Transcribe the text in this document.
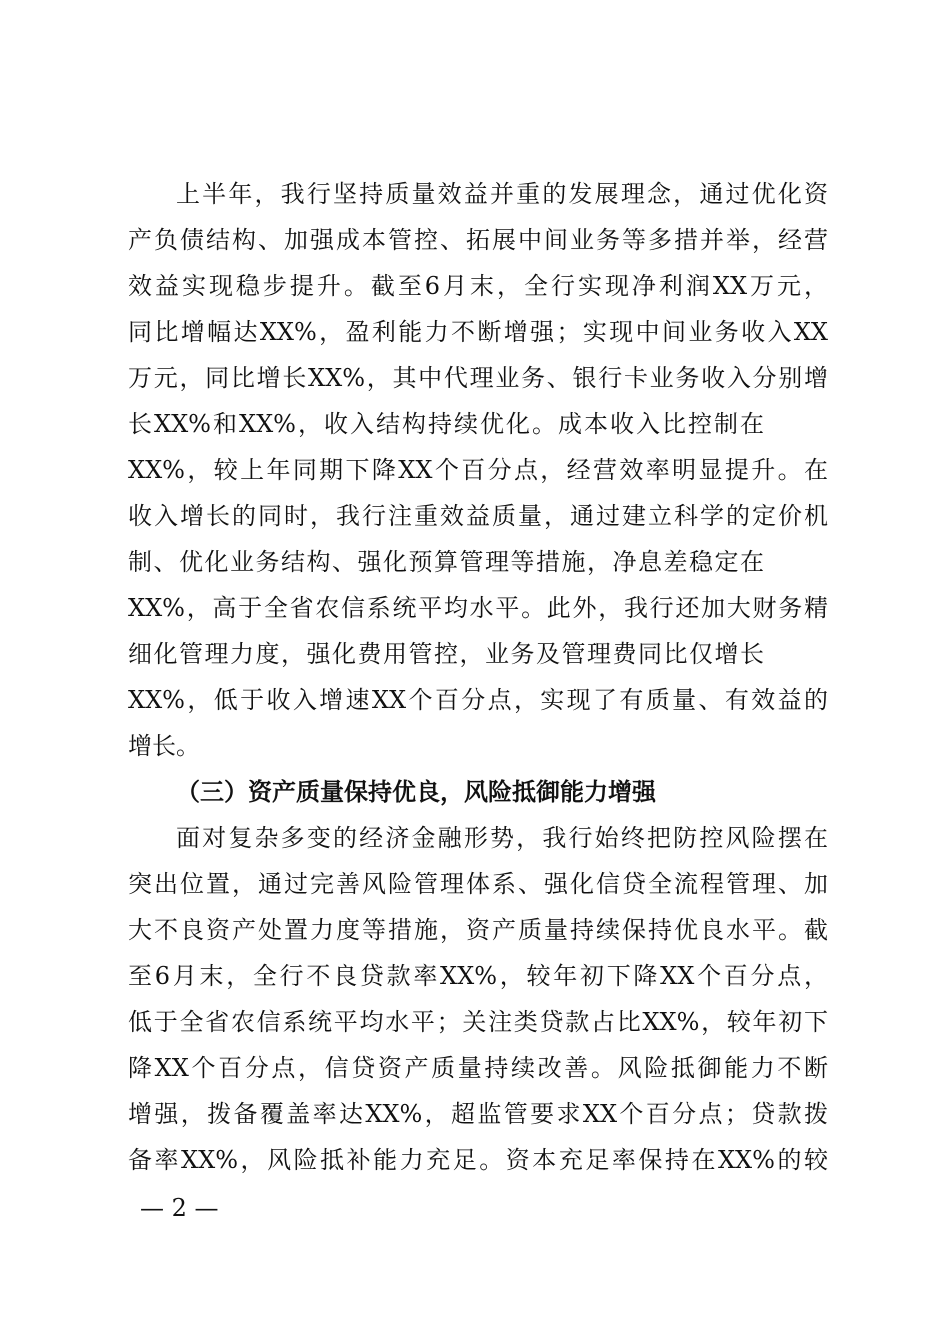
上半年，我行坚持质量效益并重的发展理念，通过优化资
产负债结构、加强成本管控、拓展中间业务等多措并举，经营
效益实现稳步提升。截至6月末，全行实现净利润XX万元，
同比增幅达XX%，盈利能力不断增强；实现中间业务收入XX
万元，同比增长XX%，其中代理业务、银行卡业务收入分别增
长XX%和XX%，收入结构持续优化。成本收入比控制在
XX%，较上年同期下降XX个百分点，经营效率明显提升。在
收入增长的同时，我行注重效益质量，通过建立科学的定价机
制、优化业务结构、强化预算管理等措施，净息差稳定在
XX%，高于全省农信系统平均水平。此外，我行还加大财务精
细化管理力度，强化费用管控，业务及管理费同比仅增长
XX%，低于收入增速XX个百分点，实现了有质量、有效益的
增长。
（三）资产质量保持优良，风险抵御能力增强
面对复杂多变的经济金融形势，我行始终把防控风险摆在
突出位置，通过完善风险管理体系、强化信贷全流程管理、加
大不良资产处置力度等措施，资产质量持续保持优良水平。截
至6月末，全行不良贷款率XX%，较年初下降XX个百分点，
低于全省农信系统平均水平；关注类贷款占比XX%，较年初下
降XX个百分点，信贷资产质量持续改善。风险抵御能力不断
增强，拨备覆盖率达XX%，超监管要求XX个百分点；贷款拨
备率XX%，风险抵补能力充足。资本充足率保持在XX%的较
— 2 —
